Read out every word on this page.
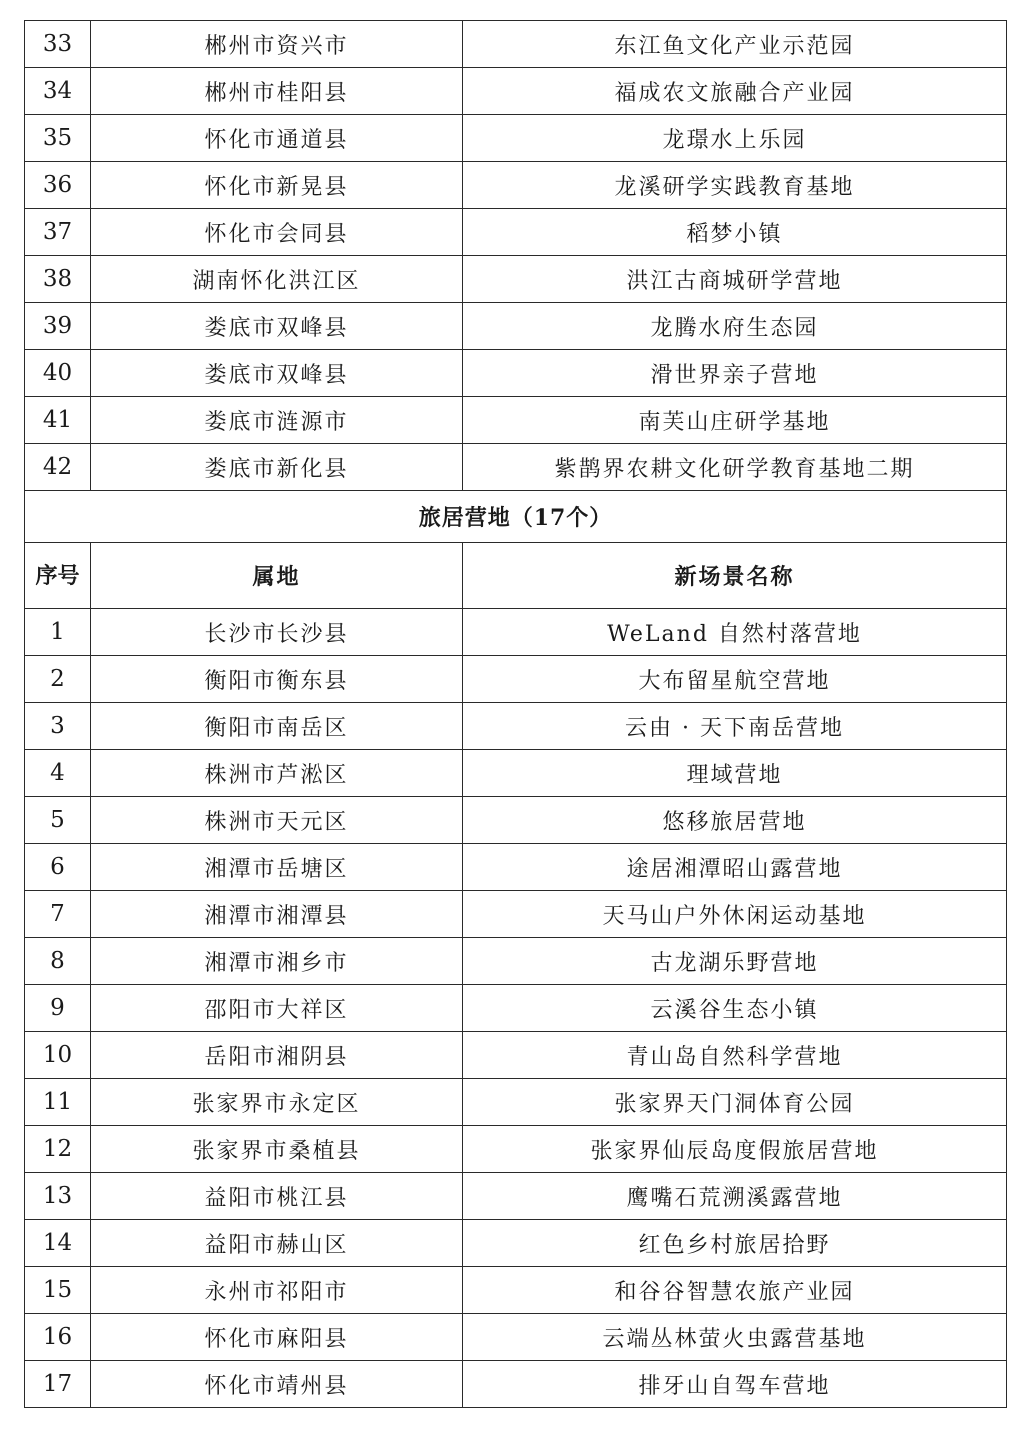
33	郴州市资兴市	东江鱼文化产业示范园
34	郴州市桂阳县	福成农文旅融合产业园
35	怀化市通道县	龙璟水上乐园
36	怀化市新晃县	龙溪研学实践教育基地
37	怀化市会同县	稻梦小镇
38	湖南怀化洪江区	洪江古商城研学营地
39	娄底市双峰县	龙腾水府生态园
40	娄底市双峰县	滑世界亲子营地
41	娄底市涟源市	南芙山庄研学基地
42	娄底市新化县	紫鹊界农耕文化研学教育基地二期
旅居营地（17个）		
序号	属地	新场景名称
1	长沙市长沙县	WeLand 自然村落营地
2	衡阳市衡东县	大布留星航空营地
3	衡阳市南岳区	云由 · 天下南岳营地
4	株洲市芦淞区	理域营地
5	株洲市天元区	悠移旅居营地
6	湘潭市岳塘区	途居湘潭昭山露营地
7	湘潭市湘潭县	天马山户外休闲运动基地
8	湘潭市湘乡市	古龙湖乐野营地
9	邵阳市大祥区	云溪谷生态小镇
10	岳阳市湘阴县	青山岛自然科学营地
11	张家界市永定区	张家界天门洞体育公园
12	张家界市桑植县	张家界仙辰岛度假旅居营地
13	益阳市桃江县	鹰嘴石荒溯溪露营地
14	益阳市赫山区	红色乡村旅居拾野
15	永州市祁阳市	和谷谷智慧农旅产业园
16	怀化市麻阳县	云端丛林萤火虫露营基地
17	怀化市靖州县	排牙山自驾车营地
